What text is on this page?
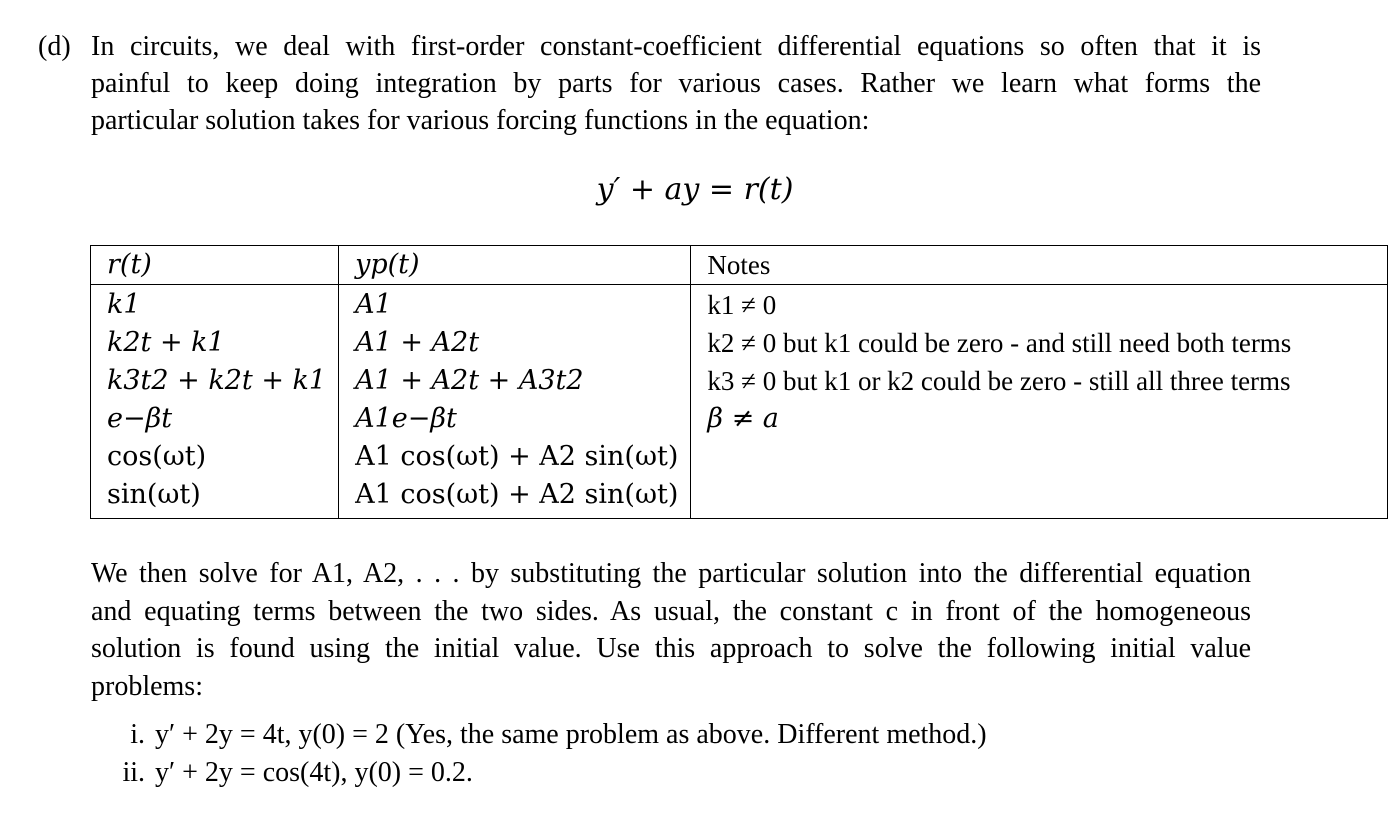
(d) In circuits, we deal with first-order constant-coefficient differential equations so often that it is
painful to keep doing integration by parts for various cases. Rather we learn what forms the
particular solution takes for various forcing functions in the equation:
y′ + ay = r(t)
r(t)	yp(t)	Notes
k1	A1	k1 ≠ 0
k2t + k1	A1 + A2t	k2 ≠ 0 but k1 could be zero - and still need both terms
k3t2 + k2t + k1	A1 + A2t + A3t2	k3 ≠ 0 but k1 or k2 could be zero - still all three terms
e−βt	A1e−βt	β ≠ a
cos(ωt)	A1 cos(ωt) + A2 sin(ωt)	
sin(ωt)	A1 cos(ωt) + A2 sin(ωt)	
We then solve for A1, A2, . . . by substituting the particular solution into the differential equation
and equating terms between the two sides. As usual, the constant c in front of the homogeneous
solution is found using the initial value. Use this approach to solve the following initial value
problems:
i. y′ + 2y = 4t, y(0) = 2 (Yes, the same problem as above. Different method.)
ii. y′ + 2y = cos(4t), y(0) = 0.2.
